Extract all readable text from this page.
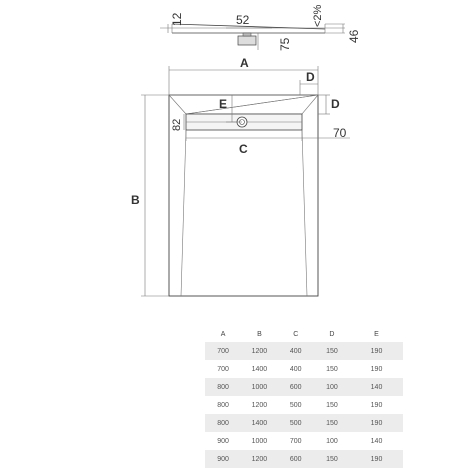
12	52	<2%
46
75
A
D
D
E
82
C
70
B
A	B	C	D	E
700	1200	400	150	190
700	1400	400	150	190
800	1000	600	100	140
800	1200	500	150	190
800	1400	500	150	190
900	1000	700	100	140
900	1200	600	150	190
